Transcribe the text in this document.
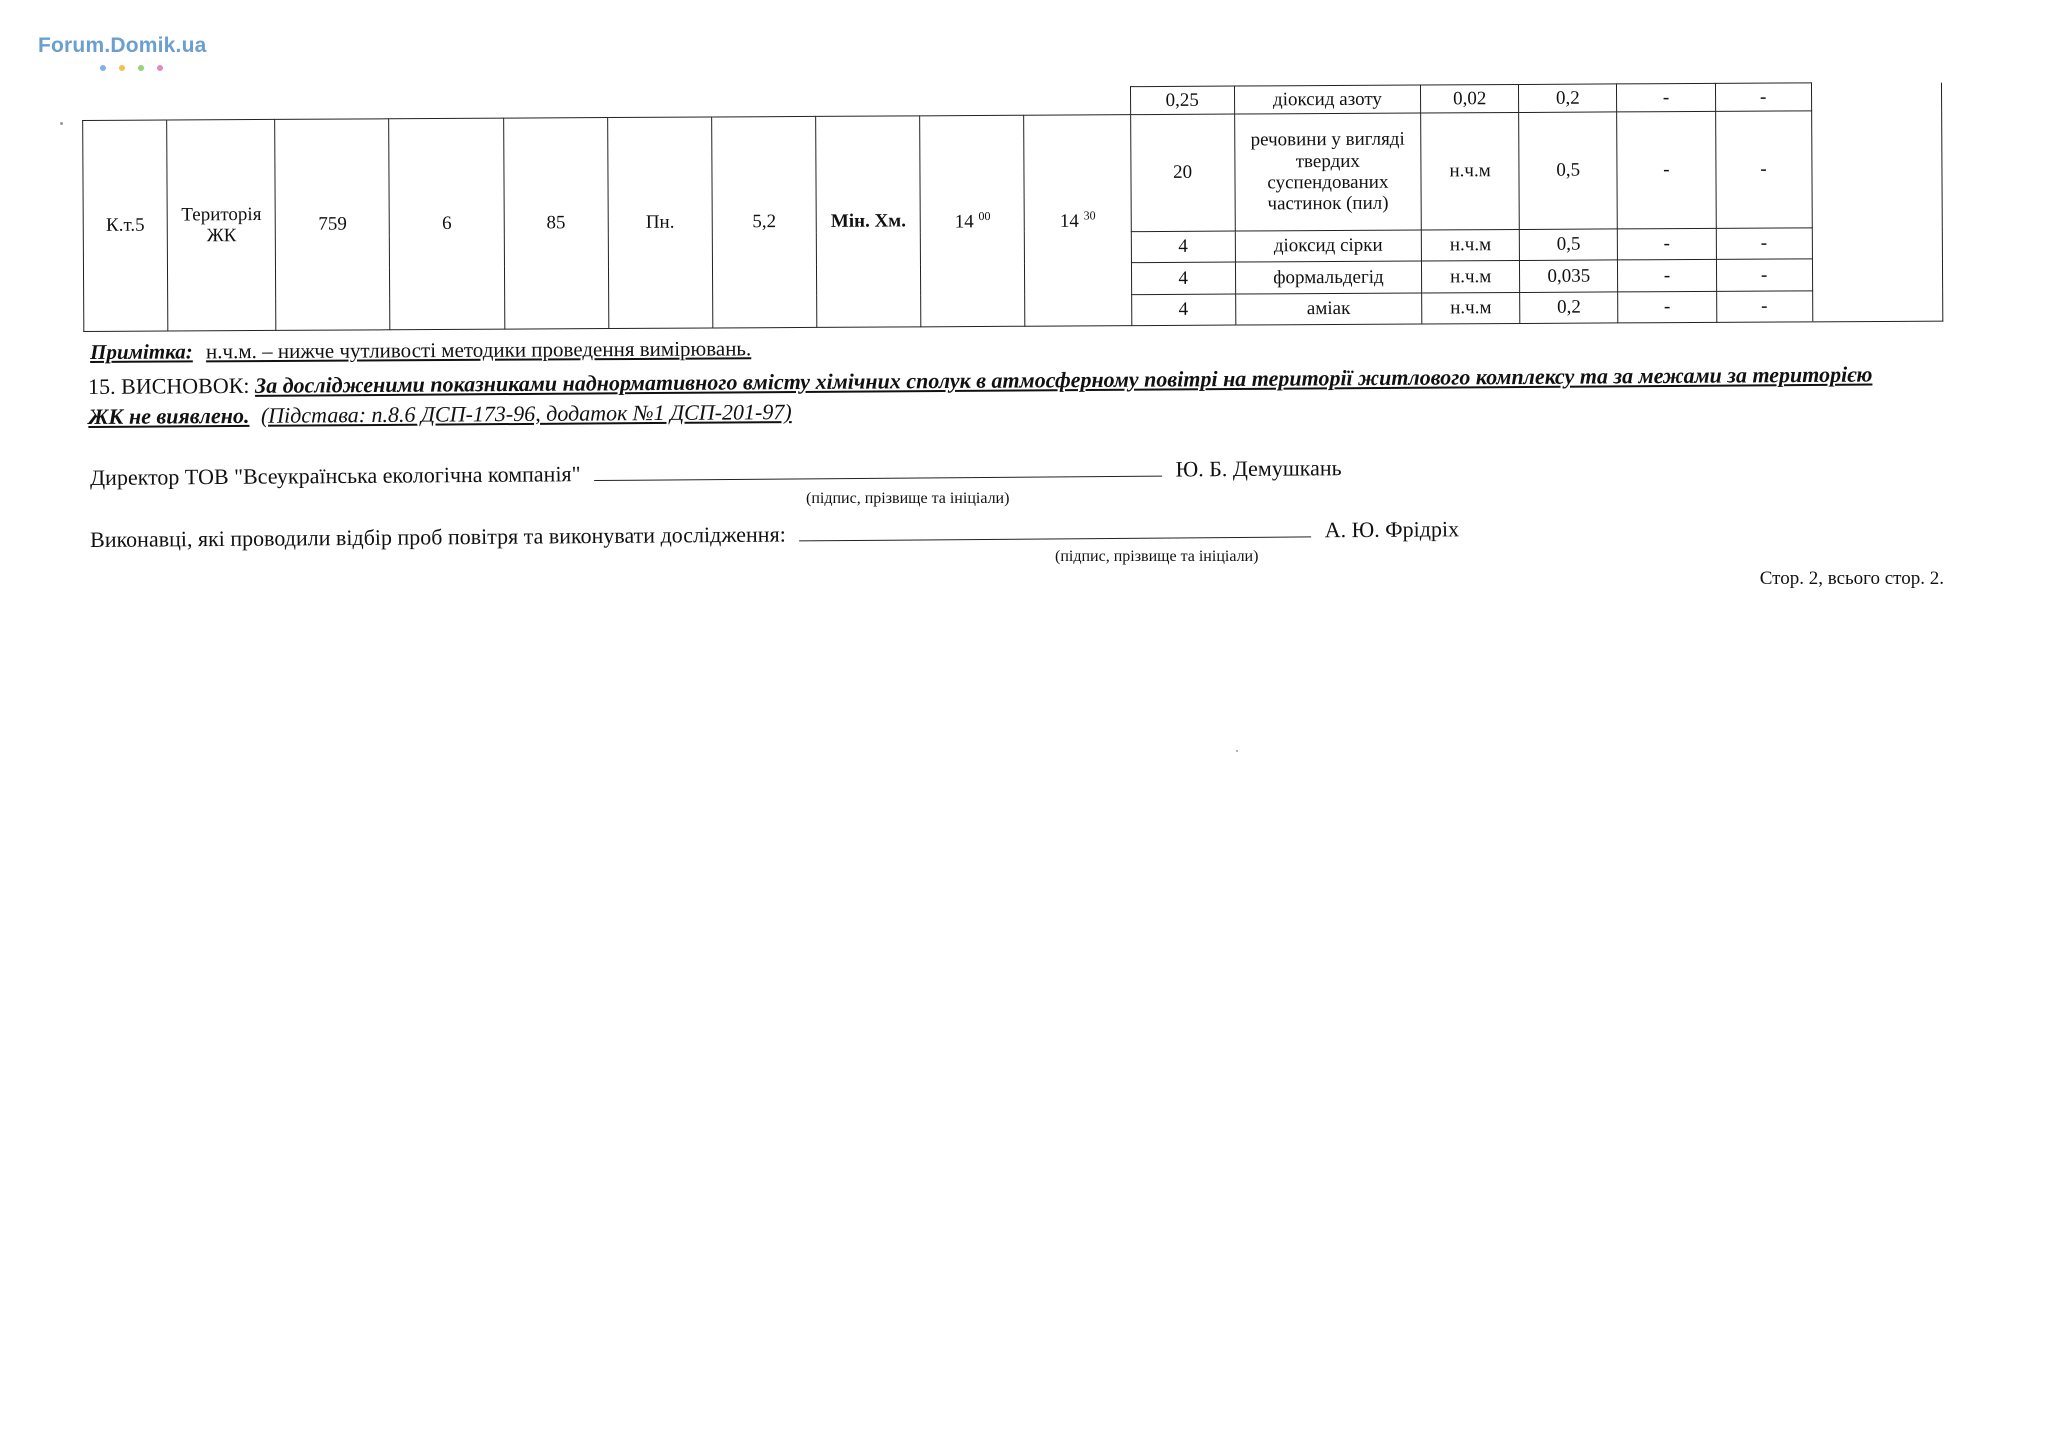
Forum.Domik.ua
										0,25	діоксид азоту	0,02	0,2	-	-	
К.т.5	Територія ЖК	759	6	85	Пн.	5,2	Мін. Хм.	14 $^{00}$	14 $^{30}$	20	речовини у вигляді твердих суспендованих частинок (пил)	н.ч.м	0,5	-	-	
										4	діоксид сірки	н.ч.м	0,5	-	-	
										4	формальдегід	н.ч.м	0,035	-	-	
										4	аміак	н.ч.м	0,2	-	-	
Примітка: н.ч.м. – нижче чутливості методики проведення вимірювань.
15. ВИСНОВОК: За дослідженими показниками наднормативного вмісту хімічних сполук в атмосферному повітрі на території житлового комплексу та за межами за територією ЖК не виявлено. (Підстава: п.8.6 ДСП-173-96, додаток №1 ДСП-201-97)
Директор ТОВ "Всеукраїнська екологічна компанія"	Ю. Б. Демушкань
(підпис, прізвище та ініціали)
Виконавці, які проводили відбір проб повітря та виконувати дослідження:	А. Ю. Фрідріх
(підпис, прізвище та ініціали)
Стор. 2, всього стор. 2.
